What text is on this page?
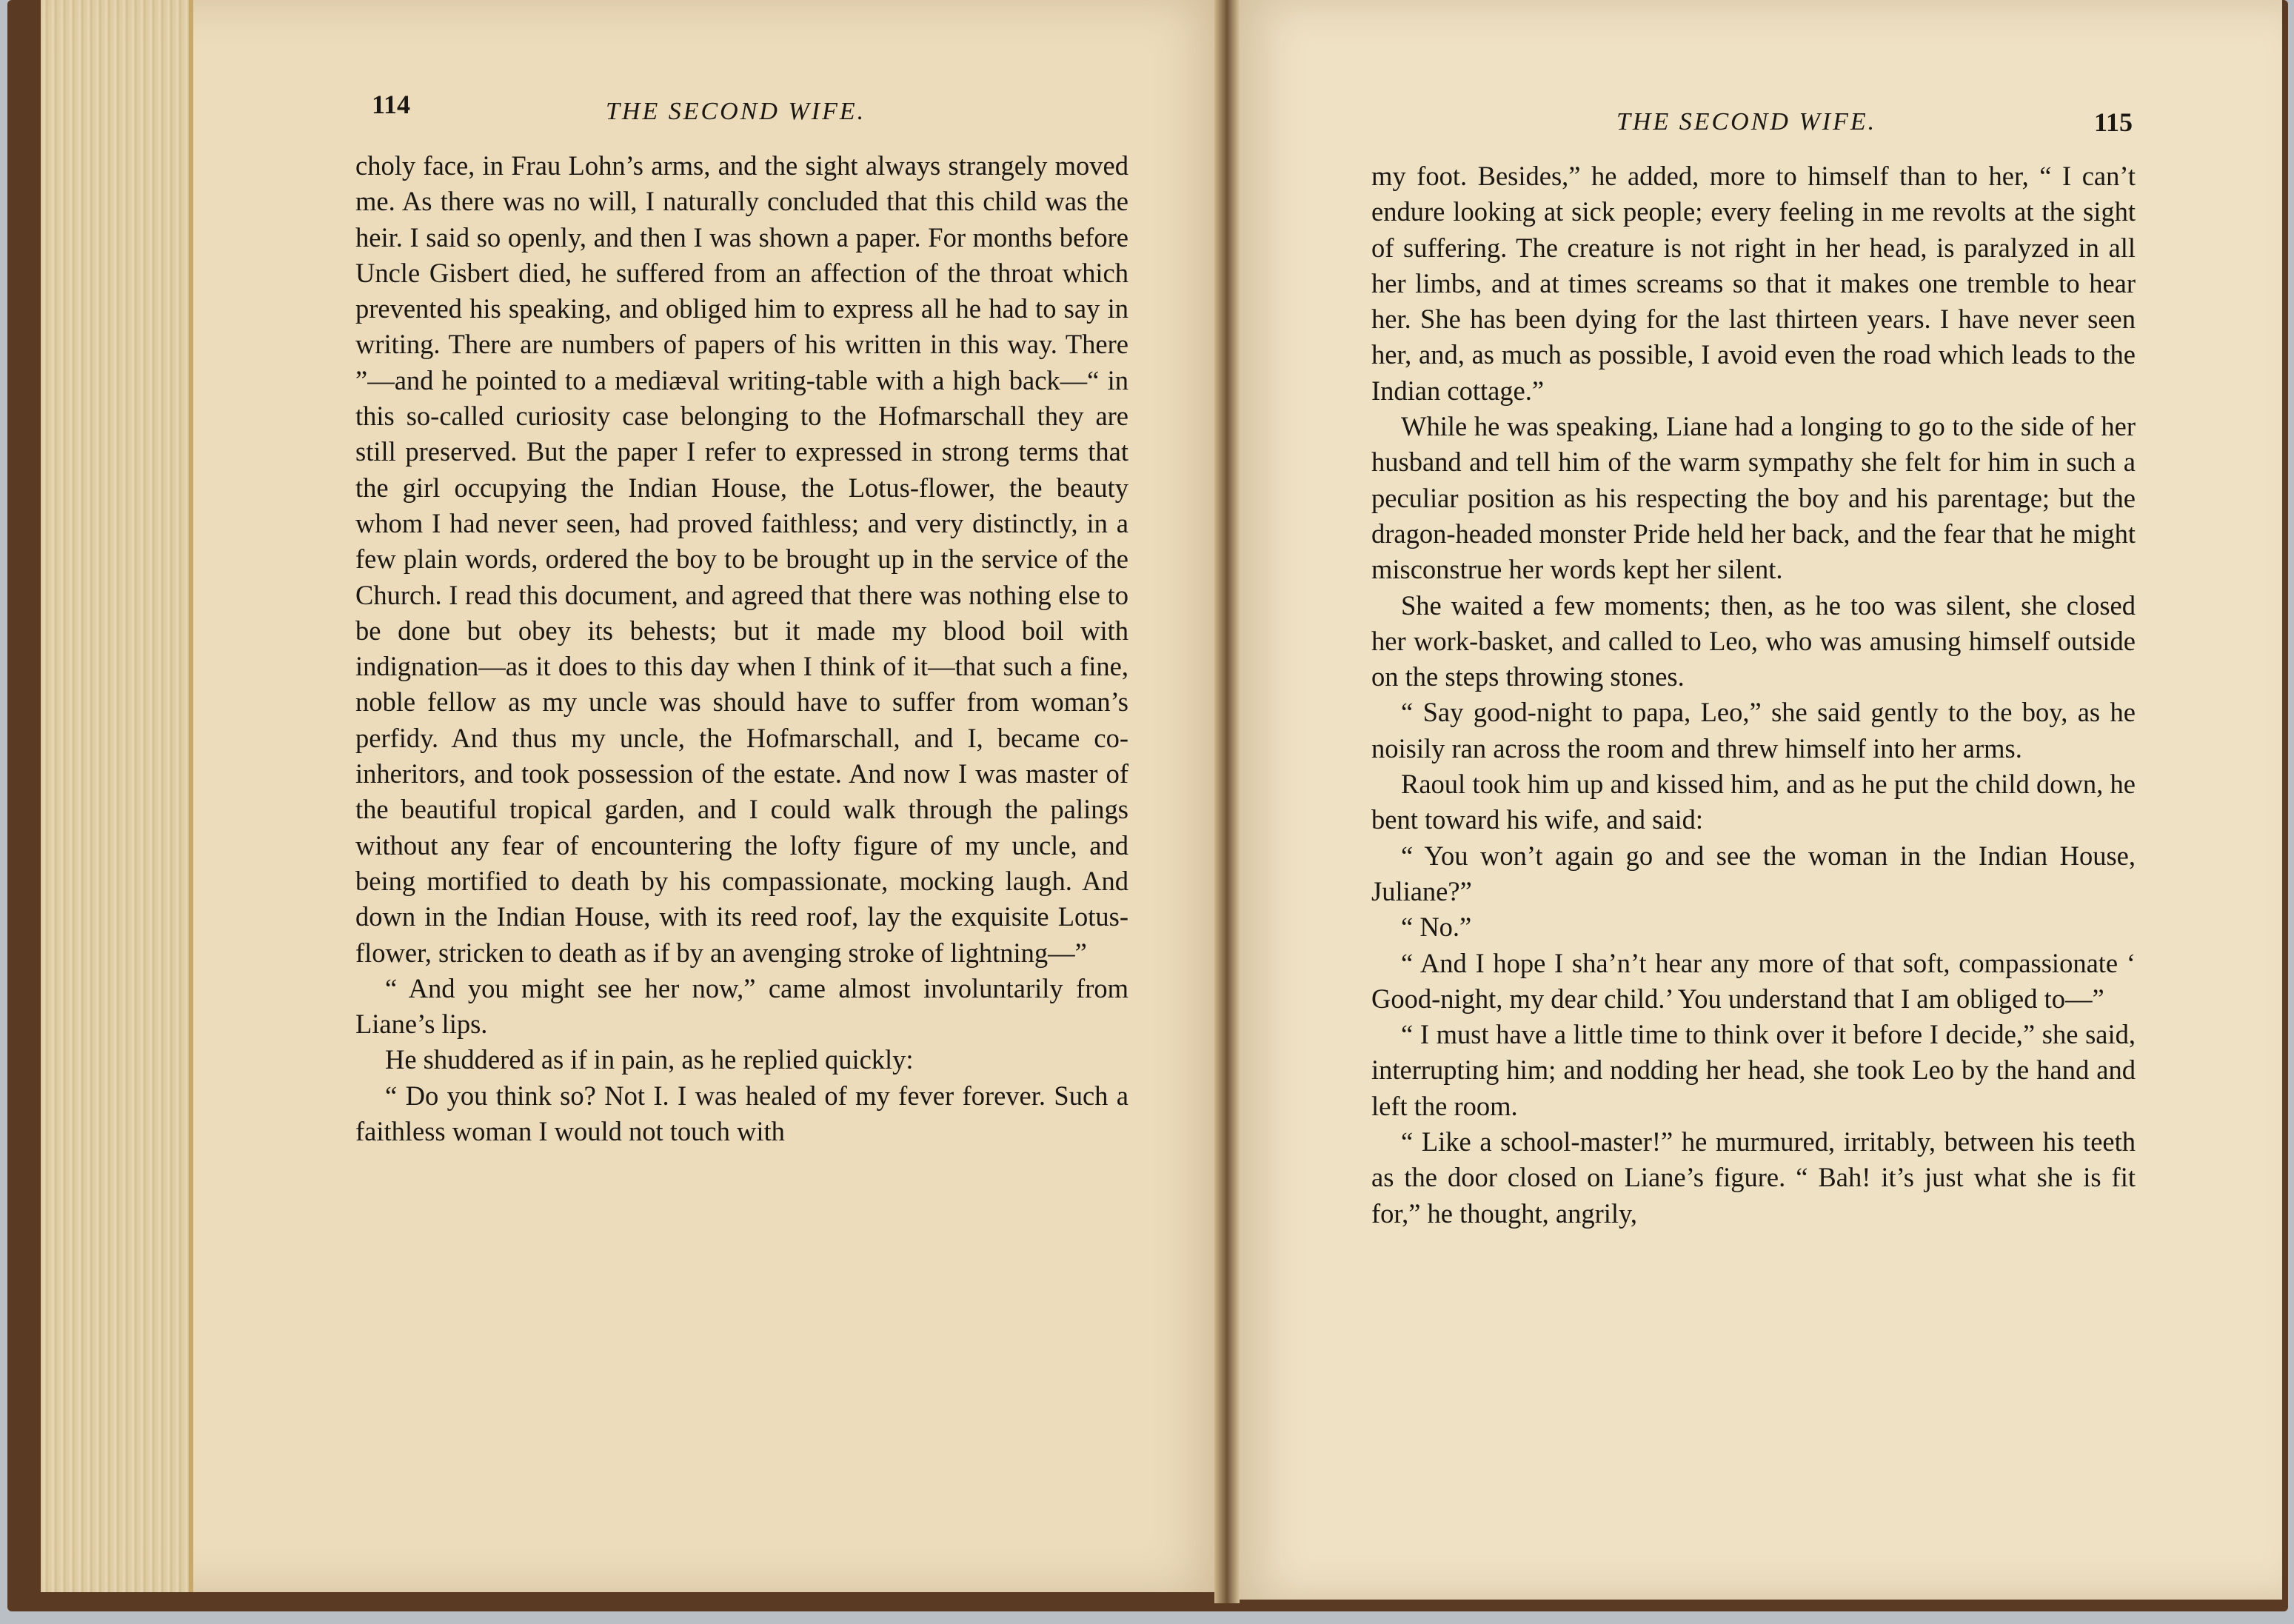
114	THE SECOND WIFE.

choly face, in Frau Lohn’s arms, and the sight always strangely moved me. As there was no will, I naturally concluded that this child was the heir. I said so openly, and then I was shown a paper. For months before Uncle Gisbert died, he suffered from an affection of the throat which prevented his speaking, and obliged him to express all he had to say in writing. There are numbers of papers of his written in this way. There ”—and he pointed to a mediæval writing-table with a high back—“ in this so-called curiosity case belonging to the Hofmarschall they are still preserved. But the paper I refer to expressed in strong terms that the girl occupying the Indian House, the Lotus-flower, the beauty whom I had never seen, had proved faithless; and very distinctly, in a few plain words, ordered the boy to be brought up in the service of the Church. I read this document, and agreed that there was nothing else to be done but obey its behests; but it made my blood boil with indignation—as it does to this day when I think of it—that such a fine, noble fellow as my uncle was should have to suffer from woman’s perfidy. And thus my uncle, the Hofmarschall, and I, became co-inheritors, and took possession of the estate. And now I was master of the beautiful tropical garden, and I could walk through the palings without any fear of encountering the lofty figure of my uncle, and being mortified to death by his compassionate, mocking laugh. And down in the Indian House, with its reed roof, lay the exquisite Lotus-flower, stricken to death as if by an avenging stroke of lightning—”

“ And you might see her now,” came almost involuntarily from Liane’s lips.

He shuddered as if in pain, as he replied quickly:

“ Do you think so? Not I. I was healed of my fever forever. Such a faithless woman I would not touch with

THE SECOND WIFE.	115

my foot. Besides,” he added, more to himself than to her, “ I can’t endure looking at sick people; every feeling in me revolts at the sight of suffering. The creature is not right in her head, is paralyzed in all her limbs, and at times screams so that it makes one tremble to hear her. She has been dying for the last thirteen years. I have never seen her, and, as much as possible, I avoid even the road which leads to the Indian cottage.”

While he was speaking, Liane had a longing to go to the side of her husband and tell him of the warm sympathy she felt for him in such a peculiar position as his respecting the boy and his parentage; but the dragon-headed monster Pride held her back, and the fear that he might misconstrue her words kept her silent.

She waited a few moments; then, as he too was silent, she closed her work-basket, and called to Leo, who was amusing himself outside on the steps throwing stones.

“ Say good-night to papa, Leo,” she said gently to the boy, as he noisily ran across the room and threw himself into her arms.

Raoul took him up and kissed him, and as he put the child down, he bent toward his wife, and said:

“ You won’t again go and see the woman in the Indian House, Juliane?”

“ No.”

“ And I hope I sha’n’t hear any more of that soft, compassionate ‘ Good-night, my dear child.’ You understand that I am obliged to—”

“ I must have a little time to think over it before I decide,” she said, interrupting him; and nodding her head, she took Leo by the hand and left the room.

“ Like a school-master!” he murmured, irritably, between his teeth as the door closed on Liane’s figure. “ Bah! it’s just what she is fit for,” he thought, angrily,
